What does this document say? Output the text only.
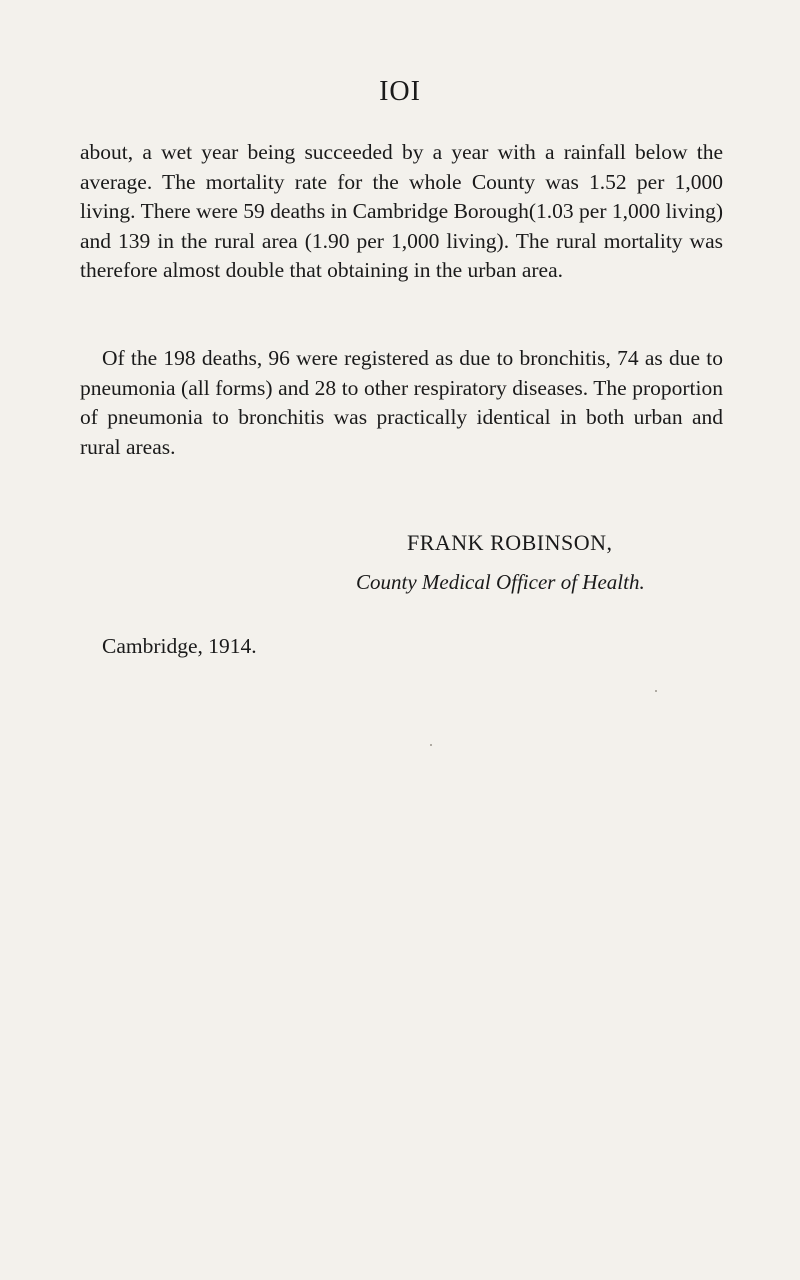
IOI

about, a wet year being succeeded by a year with a rainfall below the average. The mortality rate for the whole County was 1.52 per 1,000 living. There were 59 deaths in Cambridge Borough(1.03 per 1,000 living) and 139 in the rural area (1.90 per 1,000 living). The rural mortality was therefore almost double that obtaining in the urban area.

Of the 198 deaths, 96 were registered as due to bronchitis, 74 as due to pneumonia (all forms) and 28 to other respiratory diseases. The proportion of pneumonia to bronchitis was practically identical in both urban and rural areas.

FRANK ROBINSON,

County Medical Officer of Health.

Cambridge, 1914.
